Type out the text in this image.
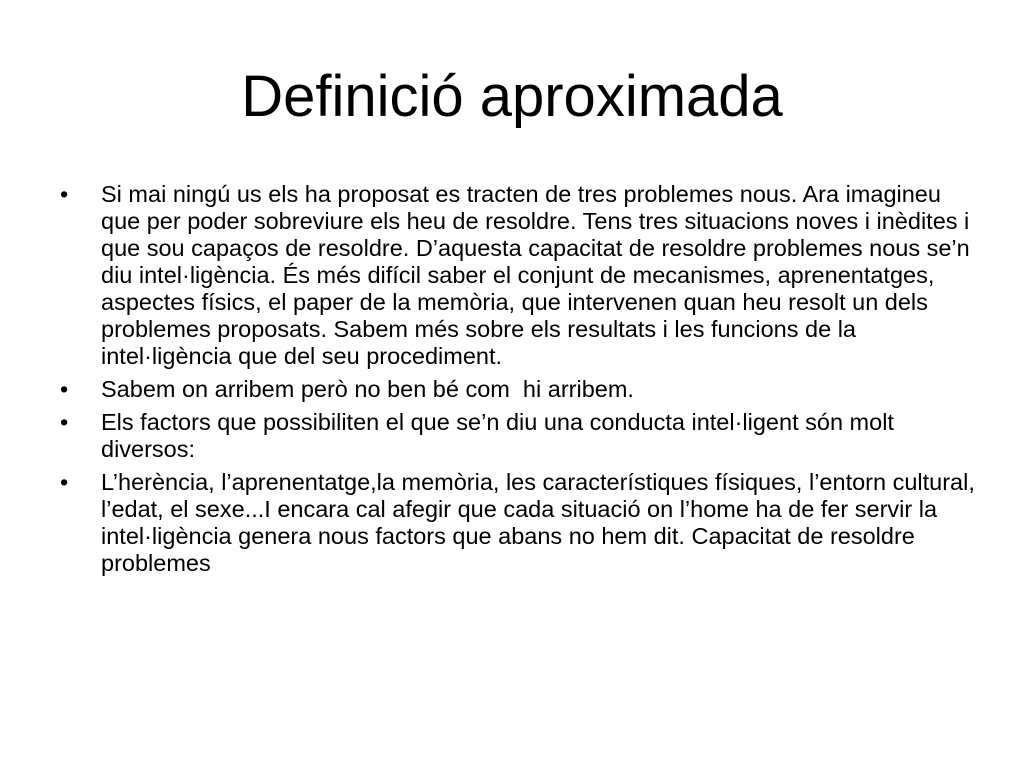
Definició aproximada
•	Si mai ningú us els ha proposat es tracten de tres problemes nous. Ara imagineu que per poder sobreviure els heu de resoldre. Tens tres situacions noves i inèdites i que sou capaços de resoldre. D’aquesta capacitat de resoldre problemes nous se’n diu intel·ligència. És més difícil saber el conjunt de mecanismes, aprenentatges, aspectes físics, el paper de la memòria, que intervenen quan heu resolt un dels problemes proposats. Sabem més sobre els resultats i les funcions de la intel·ligència que del seu procediment.
•	Sabem on arribem però no ben bé com  hi arribem.
•	Els factors que possibiliten el que se’n diu una conducta intel·ligent són molt diversos:
•	L’herència, l’aprenentatge,la memòria, les característiques físiques, l’entorn cultural, l’edat, el sexe...I encara cal afegir que cada situació on l’home ha de fer servir la intel·ligència genera nous factors que abans no hem dit. Capacitat de resoldre problemes
